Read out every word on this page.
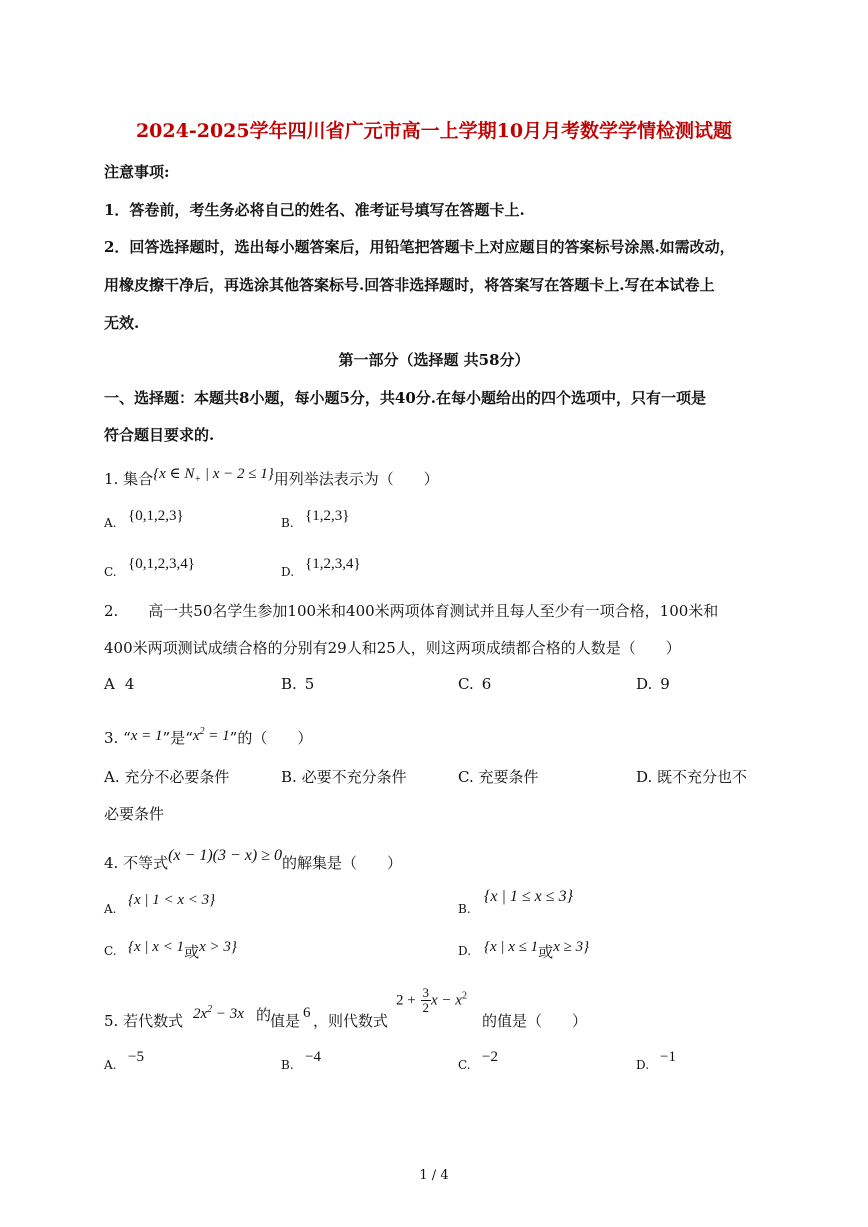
2024-2025学年四川省广元市高一上学期10月月考数学学情检测试题
注意事项:
1．答卷前，考生务必将自己的姓名、准考证号填写在答题卡上.
2．回答选择题时，选出每小题答案后，用铅笔把答题卡上对应题目的答案标号涂黑.如需改动，
用橡皮擦干净后，再选涂其他答案标号.回答非选择题时，将答案写在答题卡上.写在本试卷上
无效.
第一部分（选择题 共58分）
一、选择题：本题共8小题，每小题5分，共40分.在每小题给出的四个选项中，只有一项是
符合题目要求的.
1. 集合{x ∈ $N_+$ | x − 2 ≤ 1}用列举法表示为（　　）
A. {0,1,2,3}	B. {1,2,3}
C. {0,1,2,3,4}	D. {1,2,3,4}
2.　　高一共50名学生参加100米和400米两项体育测试并且每人至少有一项合格，100米和
400米两项测试成绩合格的分别有29人和25人，则这两项成绩都合格的人数是（　　）
A 4	B. 5	C. 6	D. 9
3. “x = 1”是“$x^2 = 1$”的（　　）
A. 充分不必要条件	B. 必要不充分条件	C. 充要条件	D. 既不充分也不
必要条件
4. 不等式(x − 1)(3 − x) ≥ 0的解集是（　　）
A.
{x | 1 < x < 3}
B.
{x | 1 ≤ x ≤ 3}
C. {x | x < 1或x > 3}	D. {x | x ≤ 1或x ≥ 3}
5. 若代数式 $2x^2 - 3x$ 的
值是 6 ，则代数式
$2 + \frac{3}{2}$ $x - x^2$
的值是（　　）
A. −5	B. −4	C. −2	D. −1
1 / 4
